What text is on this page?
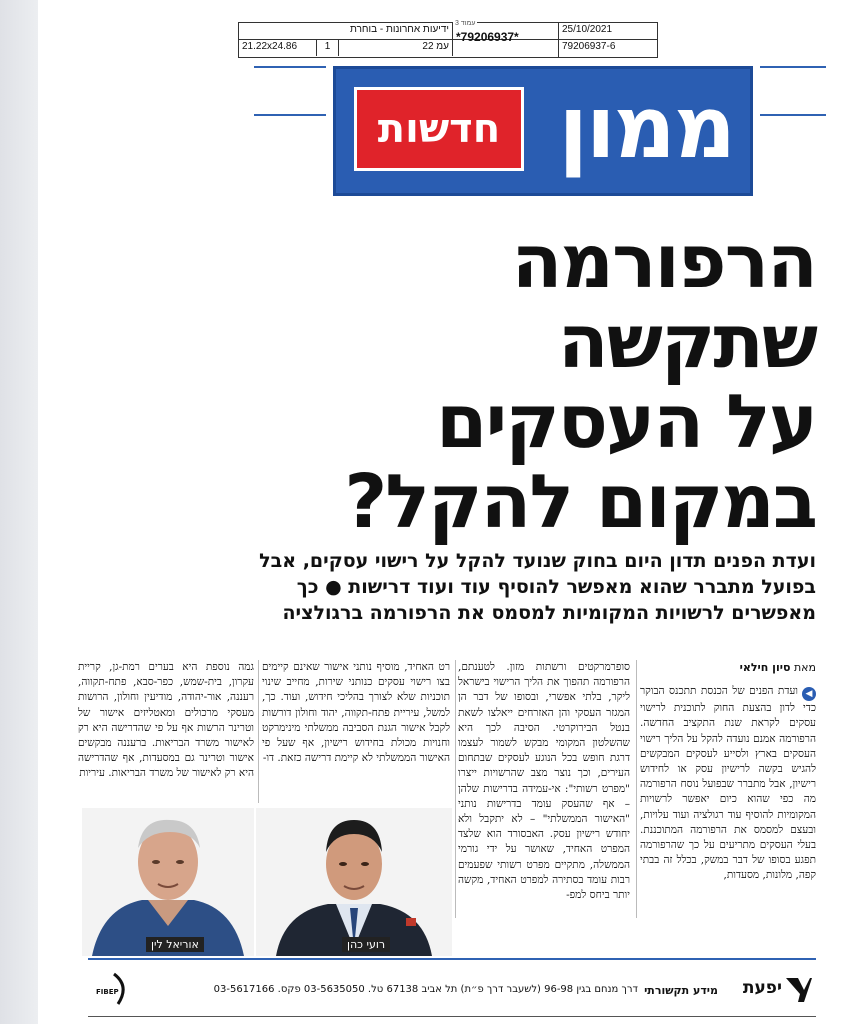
עמוד 3
ידיעות אחרונות - בוחרת
*79206937*
25/10/2021
21.22x24.86	1	עמ 22	79206937-6
ממון
חדשות
הרפורמה
שתקשה
על העסקים
במקום להקל?
ועדת הפנים תדון היום בחוק שנועד להקל על רישוי עסקים, אבל
בפועל מתברר שהוא מאפשר להוסיף עוד ועוד דרישות ● כך
מאפשרים לרשויות המקומיות למסמס את הרפורמה ברגולציה

מאת סיון חילאי

◀ועדת הפנים של הכנסת תתכנס הבוקר כדי לדון בהצעת החוק לתוכנית לרישוי עסקים לקראת שנת התקציב החדשה. הרפורמה אמנם נועדה להקל על הליך רישוי העסקים בארץ ולסייע לעסקים המבקשים להגיש בקשה לרישיון עסק או לחידוש רישיון, אבל מתברר שבפועל נוסח הרפורמה מה כפי שהוא כיום יאפשר לרשויות המקומיות להוסיף עוד רגולציה ועוד עלויות, ובעצם למסמס את הרפורמה המתוכננת. בעלי העסקים מתריעים על כך שהרפורמה תפגע בסופו של דבר במשק, בכלל זה בבתי קפה, מלונות, מסעדות,

סופרמרקטים ורשתות מזון. לטענתם, הרפורמה תהפוך את הליך הרישוי בישראל ליקר, בלתי אפשרי, ובסופו של דבר הן המגזר העסקי והן האזרחים ייאלצו לשאת בנטל הבירוקרטי. הסיבה לכך היא שהשלטון המקומי מבקש לשמור לעצמו דרגת חופש בכל הנוגע לעסקים שבתחום העירים, וכך נוצר מצב שהרשויות ייצרו "מפרט רשותי": אי-עמידה בדרישות שלהן – אף שהעסק עומד בדרישות נותני "האישור הממשלתי" – לא יתקבל ולא יחודש רישיון עסק. האבסורד הוא שלצד המפרט האחיד, שאושר על ידי גורמי הממשלה, מתקיים מפרט רשותי שפעמים רבות עומד בסתירה למפרט האחיד, מקשה יותר ביחס למפ-

רט האחיד, מוסיף נותני אישור שאינם קיימים בצו רישוי עסקים כנותני שירות, מחייב שינוי תוכניות שלא לצורך בהליכי חידוש, ועוד. כך, למשל, עיריית פתח-תקווה, יהוד וחולון דורשות לקבל אישור הגנת הסביבה ממשלתי מינימרקט וחנויות מכולת בחידוש רישיון, אף שעל פי האישור הממשלתי לא קיימת דרישה כזאת. דו-

גמה נוספת היא בערים רמת-גן, קריית עקרון, בית-שמש, כפר-סבא, פתח-תקווה, רעננה, אור-יהודה, מודיעין וחולון, הרושות מעסקי מרכולים ומאטליזים אישור של וטרינר הרשות אף על פי שהדרישה היא רק לאישור משרד הבריאות. ברעננה מבקשים אישור וטרינר גם במסעדות, אף שהדרישה היא רק לאישור של משרד הבריאות. עיריות

אוריאל לין	רועי כהן
FIBEP	דרך מנחם בגין 96-98 (לשעבר דרך פ״ת) תל אביב 67138 טל. 03-5635050 פקס. 03-5617166 מידע תקשורתי יפעת
